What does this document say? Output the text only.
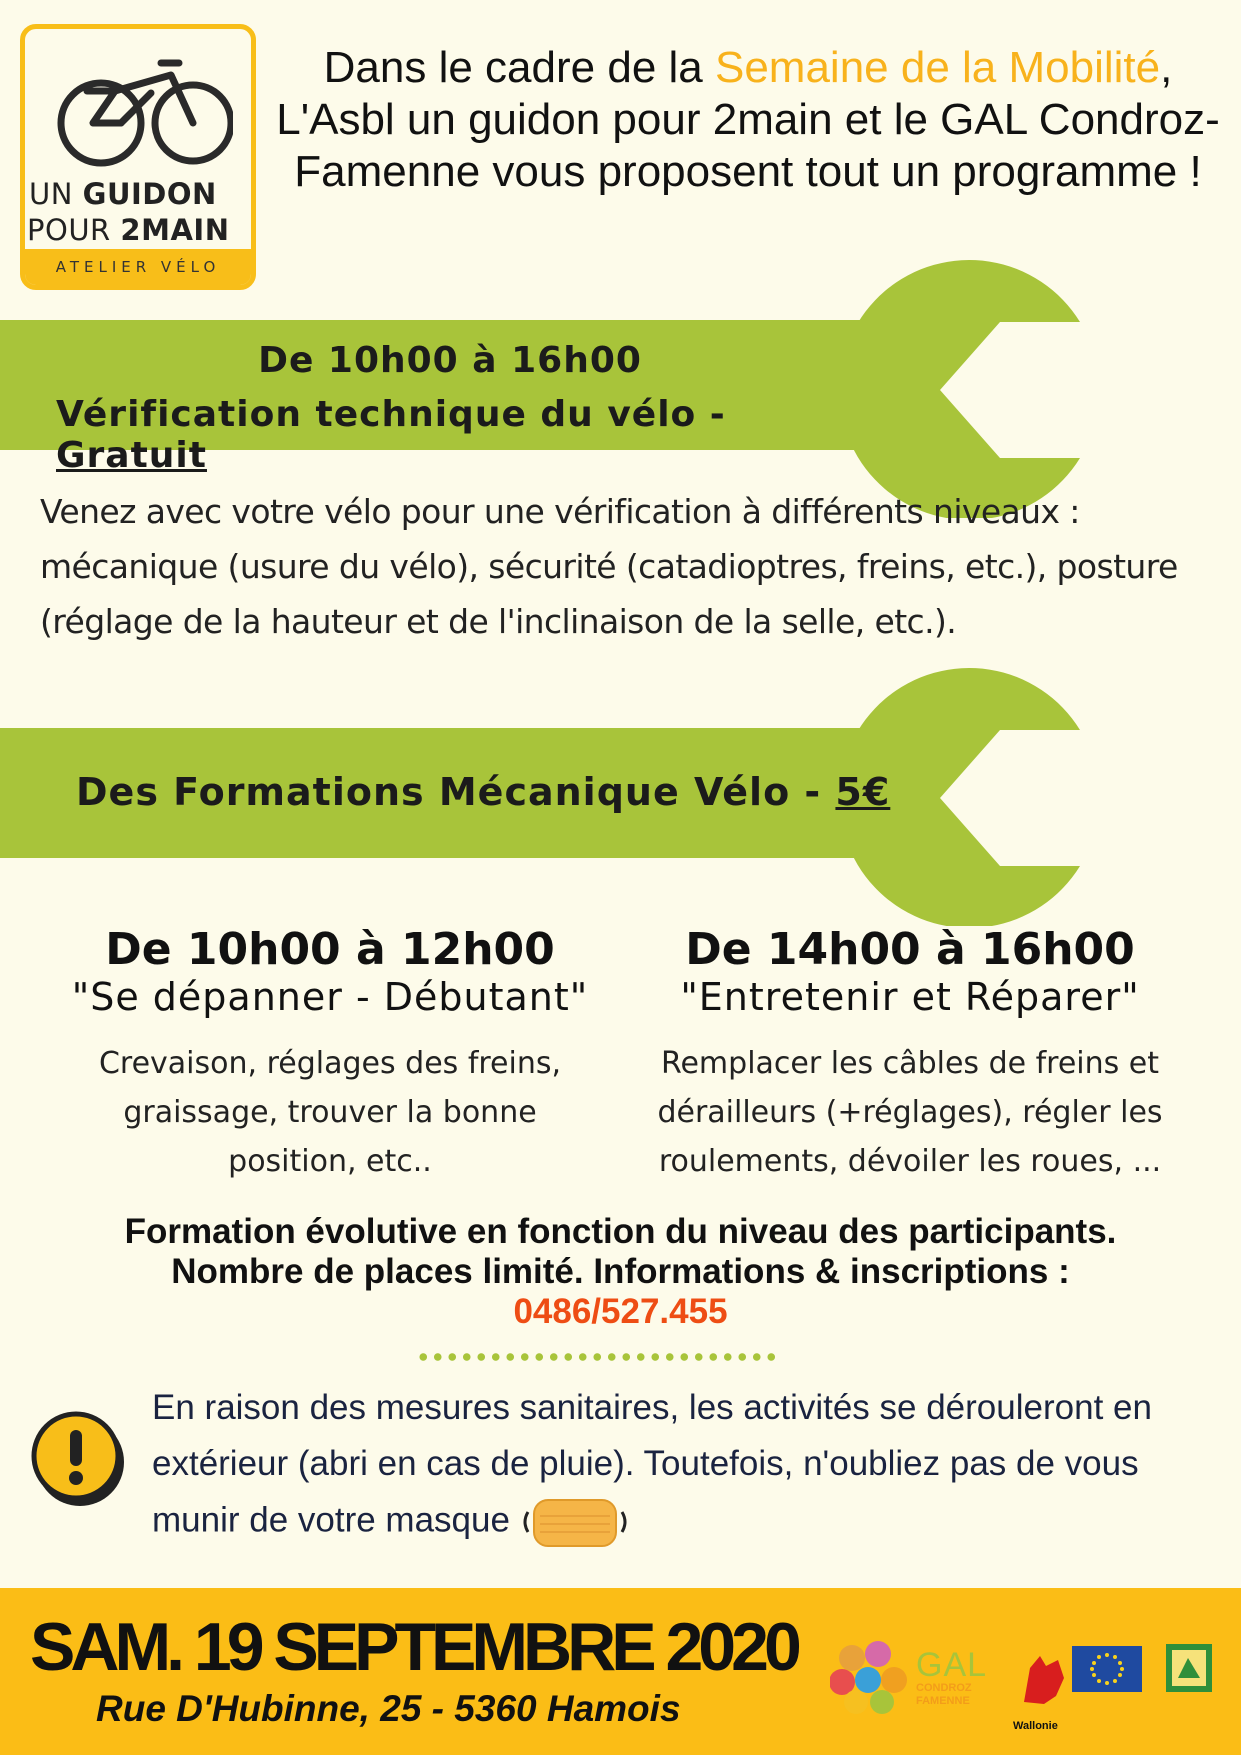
UN GUIDON
POUR 2MAIN
ATELIER VÉLO
Dans le cadre de la Semaine de la Mobilité, L'Asbl un guidon pour 2main et le GAL Condroz-Famenne vous proposent tout un programme !
De 10h00 à 16h00
Vérification technique du vélo - Gratuit
Venez avec votre vélo pour une vérification à différents niveaux : mécanique (usure du vélo), sécurité (catadioptres, freins, etc.), posture (réglage de la hauteur et de l'inclinaison de la selle, etc.).
Des Formations Mécanique Vélo - 5€
De 10h00 à 12h00
"Se dépanner - Débutant"
Crevaison, réglages des freins, graissage, trouver la bonne position, etc..
De 14h00 à 16h00
"Entretenir et Réparer"
Remplacer les câbles de freins et dérailleurs (+réglages), régler les roulements, dévoiler les roues, ...
Formation évolutive en fonction du niveau des participants.
Nombre de places limité. Informations & inscriptions :
0486/527.455
En raison des mesures sanitaires, les activités se dérouleront en extérieur (abri en cas de pluie). Toutefois, n'oubliez pas de vous munir de votre masque
SAM. 19 SEPTEMBRE 2020
Rue D'Hubinne, 25 - 5360 Hamois
GAL
CONDROZ
FAMENNE
Wallonie
